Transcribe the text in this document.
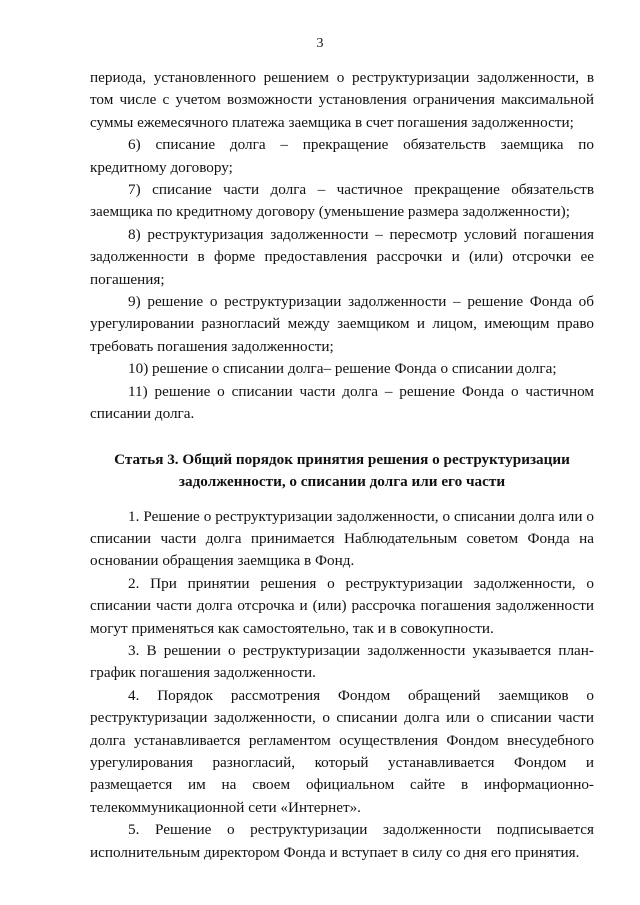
3

периода, установленного решением о реструктуризации задолженности, в том числе с учетом возможности установления ограничения максимальной суммы ежемесячного платежа заемщика в счет погашения задолженности;

6) списание долга – прекращение обязательств заемщика по кредитному договору;

7) списание части долга – частичное прекращение обязательств заемщика по кредитному договору (уменьшение размера задолженности);

8) реструктуризация задолженности – пересмотр условий погашения задолженности в форме предоставления рассрочки и (или) отсрочки ее погашения;

9) решение о реструктуризации задолженности – решение Фонда об урегулировании разногласий между заемщиком и лицом, имеющим право требовать погашения задолженности;

10) решение о списании долга– решение Фонда о списании долга;

11) решение о списании части долга – решение Фонда о частичном списании долга.

Статья 3. Общий порядок принятия решения о реструктуризации
задолженности, о списании долга или его части

1. Решение о реструктуризации задолженности, о списании долга или о списании части долга принимается Наблюдательным советом Фонда на основании обращения заемщика в Фонд.

2. При принятии решения о реструктуризации задолженности, о списании части долга отсрочка и (или) рассрочка погашения задолженности могут применяться как самостоятельно, так и в совокупности.

3. В решении о реструктуризации задолженности указывается план-график погашения задолженности.

4. Порядок рассмотрения Фондом обращений заемщиков о реструктуризации задолженности, о списании долга или о списании части долга устанавливается регламентом осуществления Фондом внесудебного урегулирования разногласий, который устанавливается Фондом и размещается им на своем официальном сайте в информационно-телекоммуникационной сети «Интернет».

5. Решение о реструктуризации задолженности подписывается исполнительным директором Фонда и вступает в силу со дня его принятия.
